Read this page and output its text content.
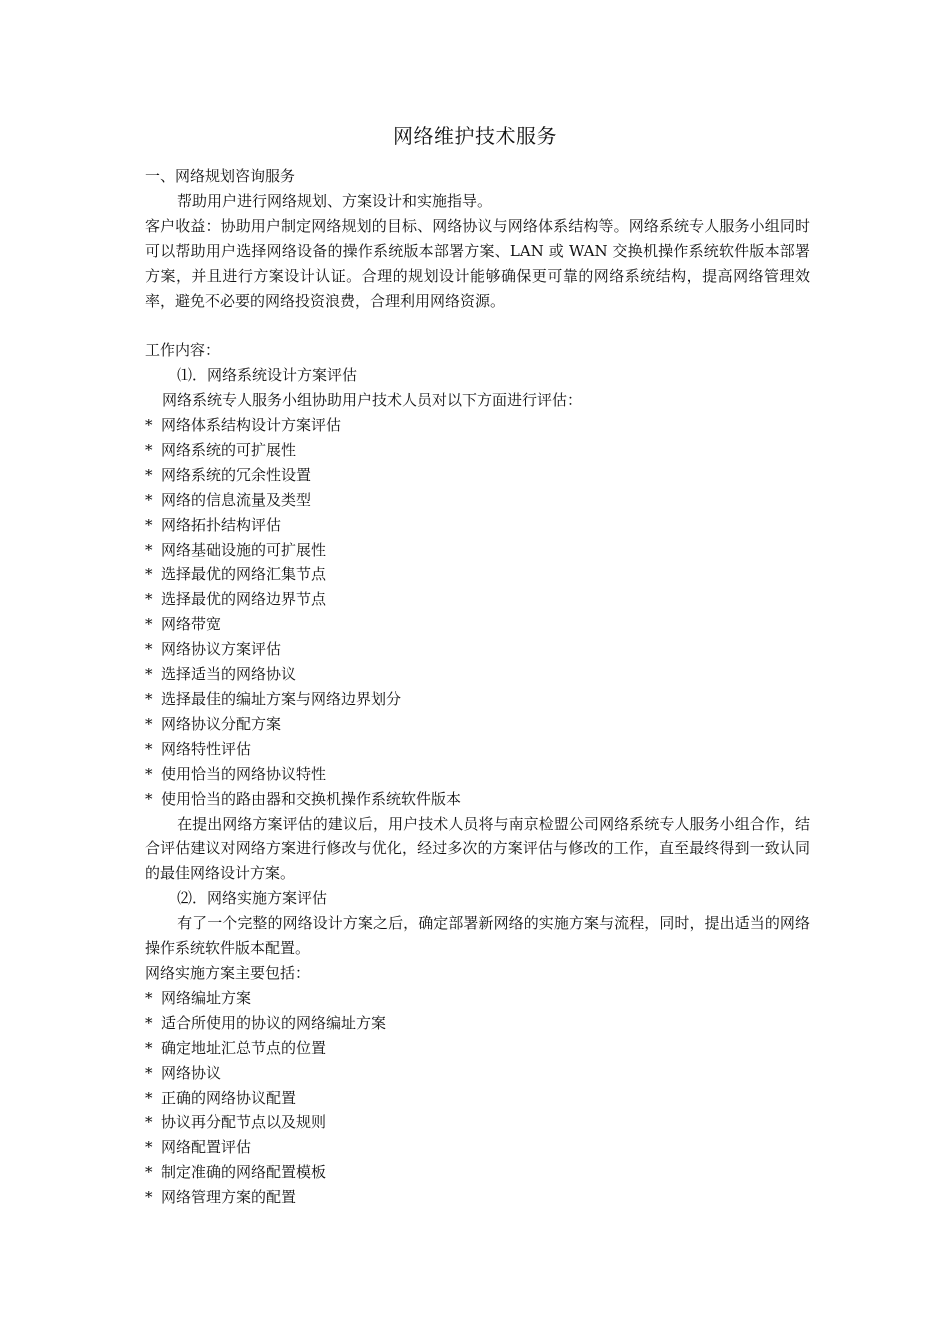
网络维护技术服务

一、网络规划咨询服务

帮助用户进行网络规划、方案设计和实施指导。

客户收益：协助用户制定网络规划的目标、网络协议与网络体系结构等。网络系统专人服务小组同时可以帮助用户选择网络设备的操作系统版本部署方案、LAN 或 WAN 交换机操作系统软件版本部署方案，并且进行方案设计认证。合理的规划设计能够确保更可靠的网络系统结构，提高网络管理效率，避免不必要的网络投资浪费，合理利用网络资源。

工作内容：

⑴．网络系统设计方案评估

网络系统专人服务小组协助用户技术人员对以下方面进行评估：

* 网络体系结构设计方案评估
* 网络系统的可扩展性
* 网络系统的冗余性设置
* 网络的信息流量及类型
* 网络拓扑结构评估
* 网络基础设施的可扩展性
* 选择最优的网络汇集节点
* 选择最优的网络边界节点
* 网络带宽
* 网络协议方案评估
* 选择适当的网络协议
* 选择最佳的编址方案与网络边界划分
* 网络协议分配方案
* 网络特性评估
* 使用恰当的网络协议特性
* 使用恰当的路由器和交换机操作系统软件版本

在提出网络方案评估的建议后，用户技术人员将与南京检盟公司网络系统专人服务小组合作，结合评估建议对网络方案进行修改与优化，经过多次的方案评估与修改的工作，直至最终得到一致认同的最佳网络设计方案。

⑵．网络实施方案评估

有了一个完整的网络设计方案之后，确定部署新网络的实施方案与流程，同时，提出适当的网络操作系统软件版本配置。

网络实施方案主要包括：

* 网络编址方案
* 适合所使用的协议的网络编址方案
* 确定地址汇总节点的位置
* 网络协议
* 正确的网络协议配置
* 协议再分配节点以及规则
* 网络配置评估
* 制定准确的网络配置模板
* 网络管理方案的配置
